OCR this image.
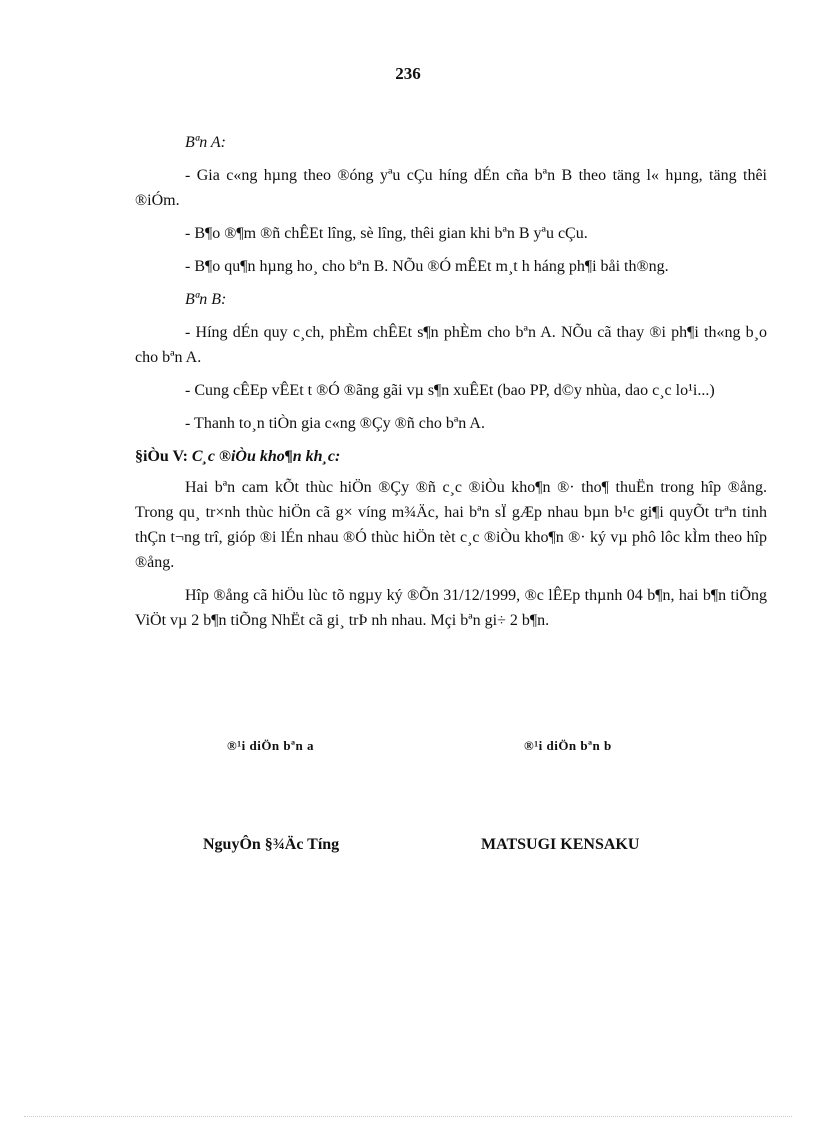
236

Bªn A:

- Gia c«ng hµng theo ®óng yªu cÇu híng dÉn cña bªn B theo täng l« hµng, täng thêi ®iÓm.

- B¶o ®¶m ®ñ chÊEt lîng, sè lîng, thêi gian khi bªn B yªu cÇu.

- B¶o qu¶n hµng ho¸ cho bªn B. NÕu ®Ó mÊEt m¸t h háng ph¶i båi th®ng.

Bªn B:

- Híng dÉn quy c¸ch, phÈm chÊEt s¶n phÈm cho bªn A. NÕu cã thay ®i ph¶i th«ng b¸o cho bªn A.

- Cung cÊEp vÊEt t ®Ó ®ãng gãi vµ s¶n xuÊEt (bao PP, d©y nhùa, dao c¸c lo¹i...)

- Thanh to¸n tiÒn gia c«ng ®Çy ®ñ cho bªn A.

§iÒu V: C¸c ®iÒu kho¶n kh¸c:

Hai bªn cam kÕt thùc hiÖn ®Çy ®ñ c¸c ®iÒu kho¶n ®· tho¶ thuËn trong hîp ®ång. Trong qu¸ tr×nh thùc hiÖn cã g× víng m¾Äc, hai bªn sÏ gÆp nhau bµn b¹c gi¶i quyÕt trªn tinh thÇn t¬ng trî, gióp ®i lÉn nhau ®Ó thùc hiÖn tèt c¸c ®iÒu kho¶n ®· ký vµ phô lôc kÌm theo hîp ®ång.

Hîp ®ång cã hiÖu lùc tõ ngµy ký ®Õn 31/12/1999, ®c lÊEp thµnh 04 b¶n, hai b¶n tiÕng ViÖt vµ 2 b¶n tiÕng NhËt cã gi¸ trÞ nh nhau. Mçi bªn gi÷ 2 b¶n.

®¹i diÖn bªn a	®¹i diÖn bªn b
NguyÔn §¾Äc Tíng	MATSUGI KENSAKU
